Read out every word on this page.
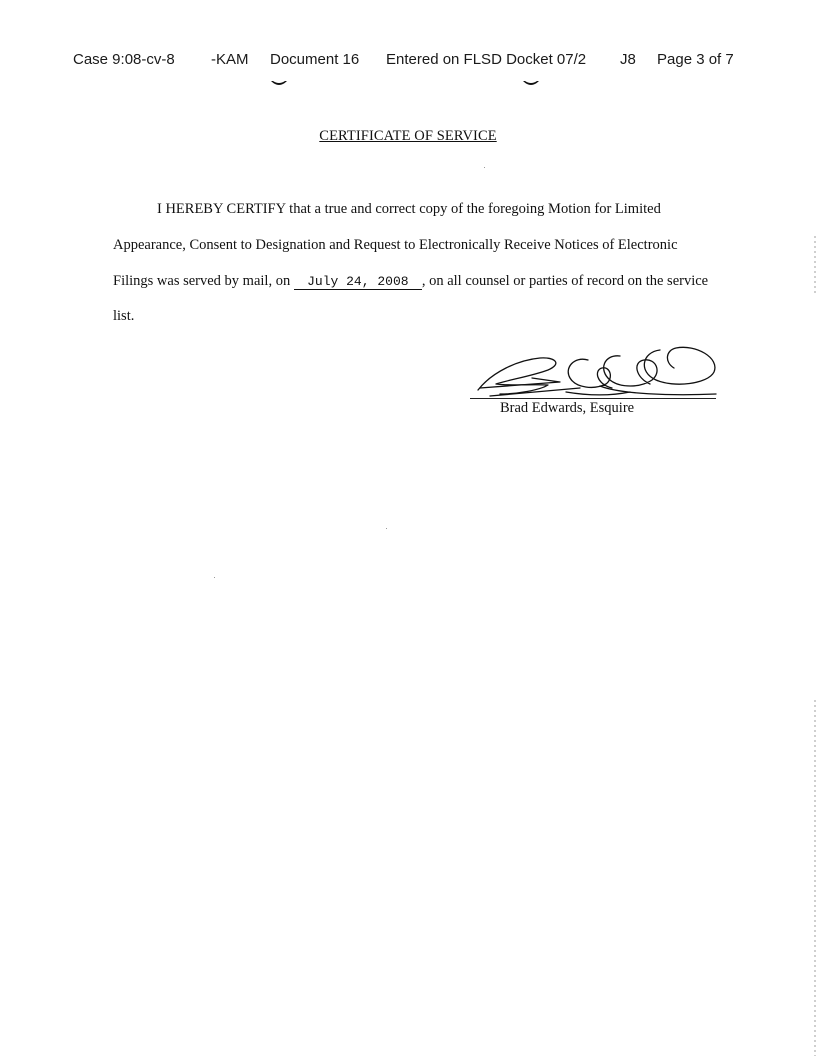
Case 9:08-cv-8 -KAM Document 16 Entered on FLSD Docket 07/2 J8 Page 3 of 7
CERTIFICATE OF SERVICE
I HEREBY CERTIFY that a true and correct copy of the foregoing Motion for Limited
Appearance, Consent to Designation and Request to Electronically Receive Notices of Electronic
Filings was served by mail, on July 24, 2008 , on all counsel or parties of record on the service
list.
Brad Edwards, Esquire
